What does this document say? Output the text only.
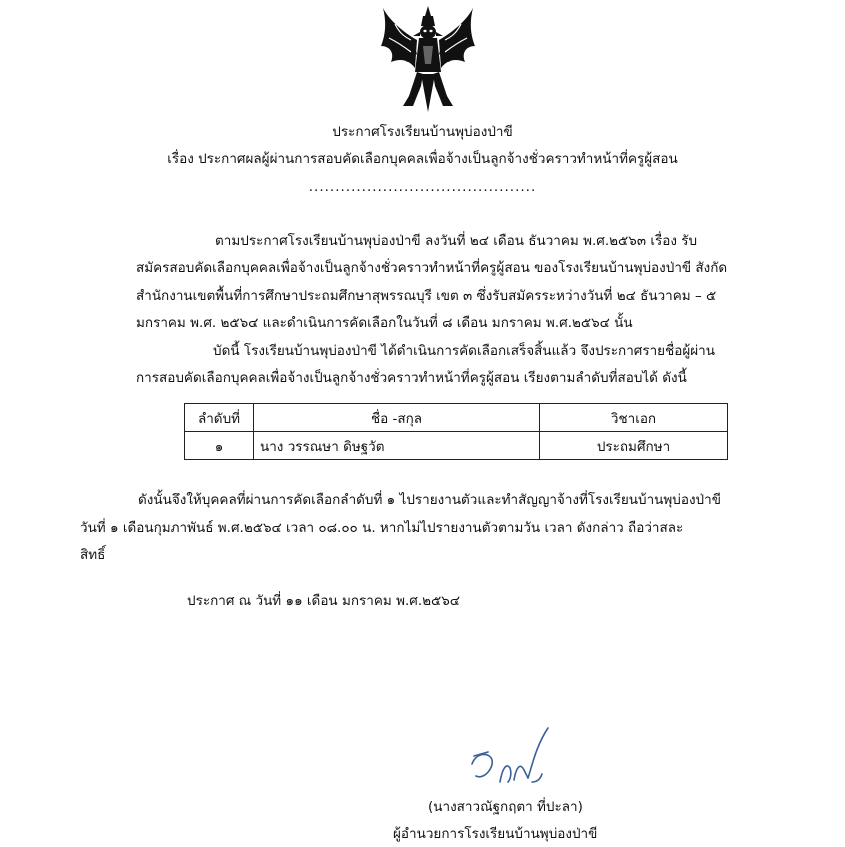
ประกาศโรงเรียนบ้านพุบ่องป่าขี
เรื่อง ประกาศผลผู้ผ่านการสอบคัดเลือกบุคคลเพื่อจ้างเป็นลูกจ้างชั่วคราวทำหน้าที่ครูผู้สอน
...........................................
ตามประกาศโรงเรียนบ้านพุบ่องป่าขี ลงวันที่ ๒๔ เดือน ธันวาคม พ.ศ.๒๕๖๓ เรื่อง รับ
สมัครสอบคัดเลือกบุคคลเพื่อจ้างเป็นลูกจ้างชั่วคราวทำหน้าที่ครูผู้สอน ของโรงเรียนบ้านพุบ่องป่าขี สังกัด
สำนักงานเขตพื้นที่การศึกษาประถมศึกษาสุพรรณบุรี เขต ๓ ซึ่งรับสมัครระหว่างวันที่ ๒๔ ธันวาคม – ๕
มกราคม พ.ศ. ๒๕๖๔ และดำเนินการคัดเลือกในวันที่ ๘ เดือน มกราคม พ.ศ.๒๕๖๔ นั้น
บัดนี้ โรงเรียนบ้านพุบ่องป่าขี ได้ดำเนินการคัดเลือกเสร็จสิ้นแล้ว จึงประกาศรายชื่อผู้ผ่าน
การสอบคัดเลือกบุคคลเพื่อจ้างเป็นลูกจ้างชั่วคราวทำหน้าที่ครูผู้สอน เรียงตามลำดับที่สอบได้ ดังนี้
ลำดับที่	ชื่อ -สกุล	วิชาเอก
๑	นาง วรรณษา ดิษฐวัต	ประถมศึกษา
ดังนั้นจึงให้บุคคลที่ผ่านการคัดเลือกลำดับที่ ๑ ไปรายงานตัวและทำสัญญาจ้างที่โรงเรียนบ้านพุบ่องป่าขี
วันที่ ๑ เดือนกุมภาพันธ์ พ.ศ.๒๕๖๔ เวลา ๐๘.๐๐ น. หากไม่ไปรายงานตัวตามวัน เวลา ดังกล่าว ถือว่าสละ
สิทธิ์
ประกาศ ณ วันที่ ๑๑ เดือน มกราคม พ.ศ.๒๕๖๔
(นางสาวณัฐกฤตา ที่ปะลา)
ผู้อำนวยการโรงเรียนบ้านพุบ่องป่าขี
